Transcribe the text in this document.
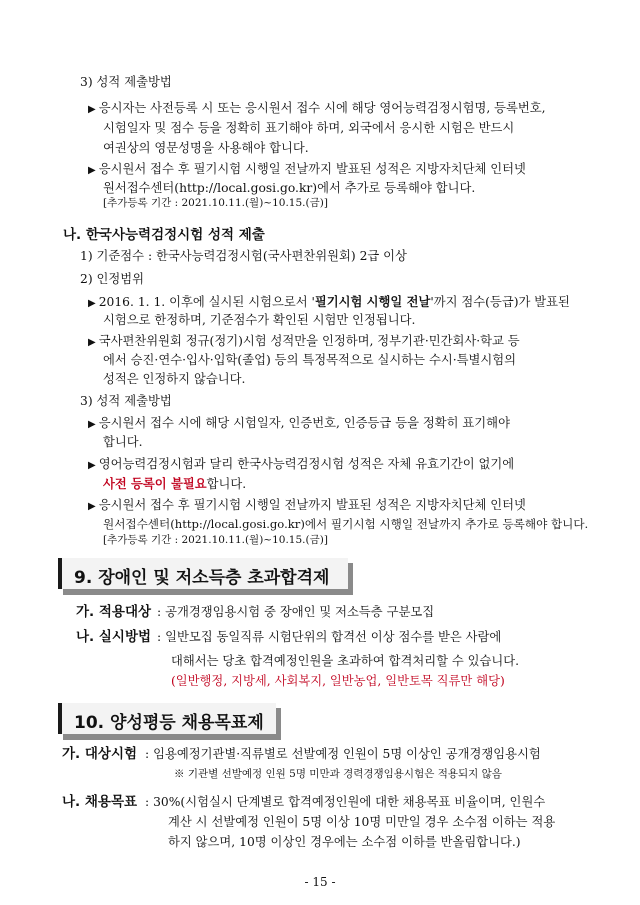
3) 성적 제출방법
▶ 응시자는 사전등록 시 또는 응시원서 접수 시에 해당 영어능력검정시험명, 등록번호,
시험일자 및 점수 등을 정확히 표기해야 하며, 외국에서 응시한 시험은 반드시
여권상의 영문성명을 사용해야 합니다.
▶ 응시원서 접수 후 필기시험 시행일 전날까지 발표된 성적은 지방자치단체 인터넷
원서접수센터(http://local.gosi.go.kr)에서 추가로 등록해야 합니다.
[추가등록 기간 : 2021.10.11.(월)~10.15.(금)]
나. 한국사능력검정시험 성적 제출
1) 기준점수 : 한국사능력검정시험(국사편찬위원회) 2급 이상
2) 인정범위
▶ 2016. 1. 1. 이후에 실시된 시험으로서 '필기시험 시행일 전날'까지 점수(등급)가 발표된
시험으로 한정하며, 기준점수가 확인된 시험만 인정됩니다.
▶ 국사편찬위원회 정규(정기)시험 성적만을 인정하며, 정부기관·민간회사·학교 등
에서 승진·연수·입사·입학(졸업) 등의 특정목적으로 실시하는 수시·특별시험의
성적은 인정하지 않습니다.
3) 성적 제출방법
▶ 응시원서 접수 시에 해당 시험일자, 인증번호, 인증등급 등을 정확히 표기해야
합니다.
▶ 영어능력검정시험과 달리 한국사능력검정시험 성적은 자체 유효기간이 없기에
사전 등록이 불필요합니다.
▶ 응시원서 접수 후 필기시험 시행일 전날까지 발표된 성적은 지방자치단체 인터넷
원서접수센터(http://local.gosi.go.kr)에서 필기시험 시행일 전날까지 추가로 등록해야 합니다.
[추가등록 기간 : 2021.10.11.(월)~10.15.(금)]
9. 장애인 및 저소득층 초과합격제
가. 적용대상 : 공개경쟁임용시험 중 장애인 및 저소득층 구분모집
나. 실시방법 : 일반모집 동일직류 시험단위의 합격선 이상 점수를 받은 사람에
대해서는 당초 합격예정인원을 초과하여 합격처리할 수 있습니다.
(일반행정, 지방세, 사회복지, 일반농업, 일반토목 직류만 해당)
10. 양성평등 채용목표제
가. 대상시험 : 임용예정기관별·직류별로 선발예정 인원이 5명 이상인 공개경쟁임용시험
※ 기관별 선발예정 인원 5명 미만과 경력경쟁임용시험은 적용되지 않음
나. 채용목표 : 30%(시험실시 단계별로 합격예정인원에 대한 채용목표 비율이며, 인원수
계산 시 선발예정 인원이 5명 이상 10명 미만일 경우 소수점 이하는 적용
하지 않으며, 10명 이상인 경우에는 소수점 이하를 반올림합니다.)
- 15 -
